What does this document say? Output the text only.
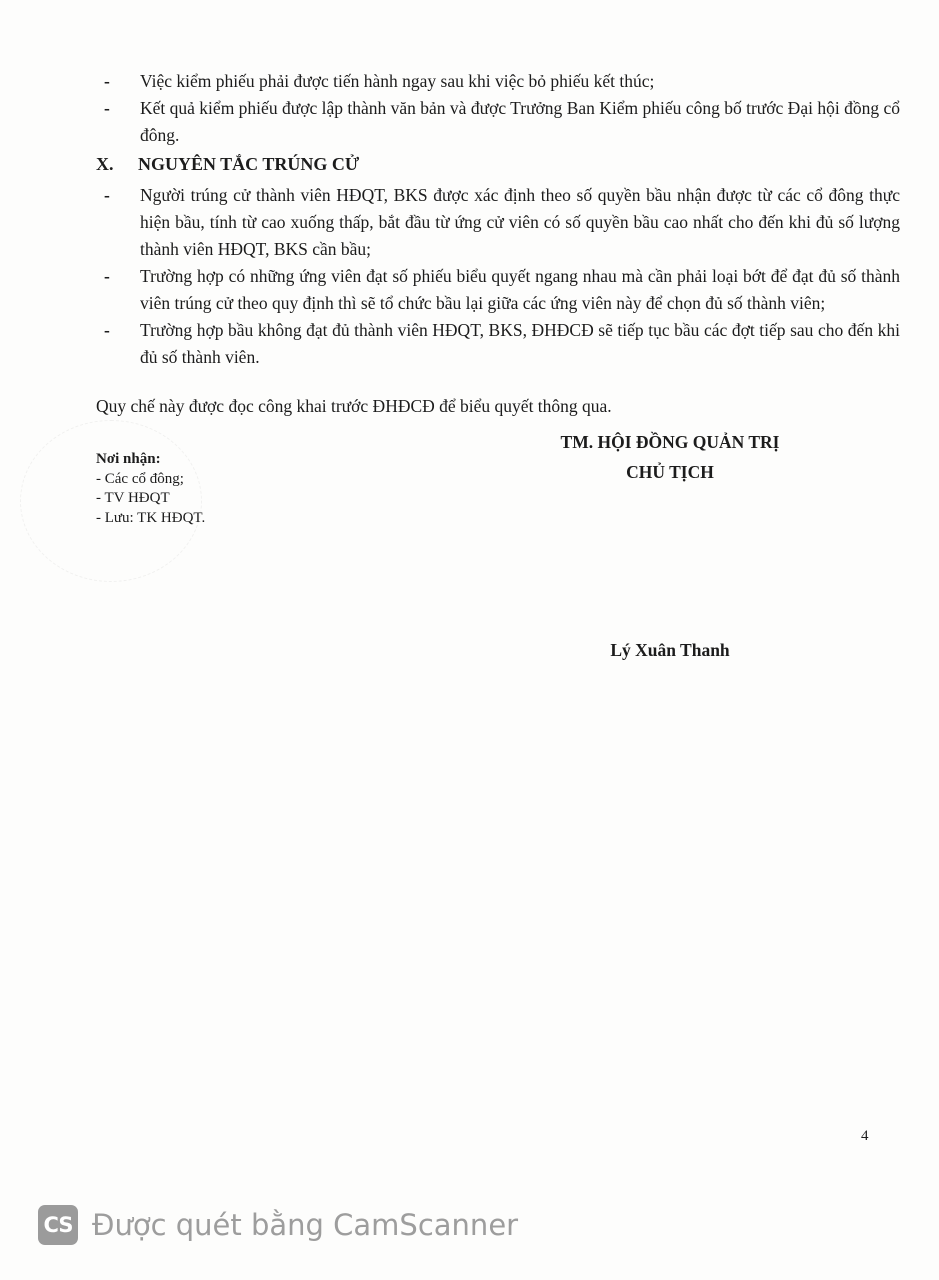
- Việc kiểm phiếu phải được tiến hành ngay sau khi việc bỏ phiếu kết thúc;
- Kết quả kiểm phiếu được lập thành văn bản và được Trưởng Ban Kiểm phiếu công bố trước Đại hội đồng cổ đông.
X. NGUYÊN TẮC TRÚNG CỬ
- Người trúng cử thành viên HĐQT, BKS được xác định theo số quyền bầu nhận được từ các cổ đông thực hiện bầu, tính từ cao xuống thấp, bắt đầu từ ứng cử viên có số quyền bầu cao nhất cho đến khi đủ số lượng thành viên HĐQT, BKS cần bầu;
- Trường hợp có những ứng viên đạt số phiếu biểu quyết ngang nhau mà cần phải loại bớt để đạt đủ số thành viên trúng cử theo quy định thì sẽ tổ chức bầu lại giữa các ứng viên này để chọn đủ số thành viên;
- Trường hợp bầu không đạt đủ thành viên HĐQT, BKS, ĐHĐCĐ sẽ tiếp tục bầu các đợt tiếp sau cho đến khi đủ số thành viên.
Quy chế này được đọc công khai trước ĐHĐCĐ để biểu quyết thông qua.
Nơi nhận:
- Các cổ đông;
- TV HĐQT
- Lưu: TK HĐQT.
TM. HỘI ĐỒNG QUẢN TRỊ
CHỦ TỊCH
Lý Xuân Thanh
4
CS Được quét bằng CamScanner
